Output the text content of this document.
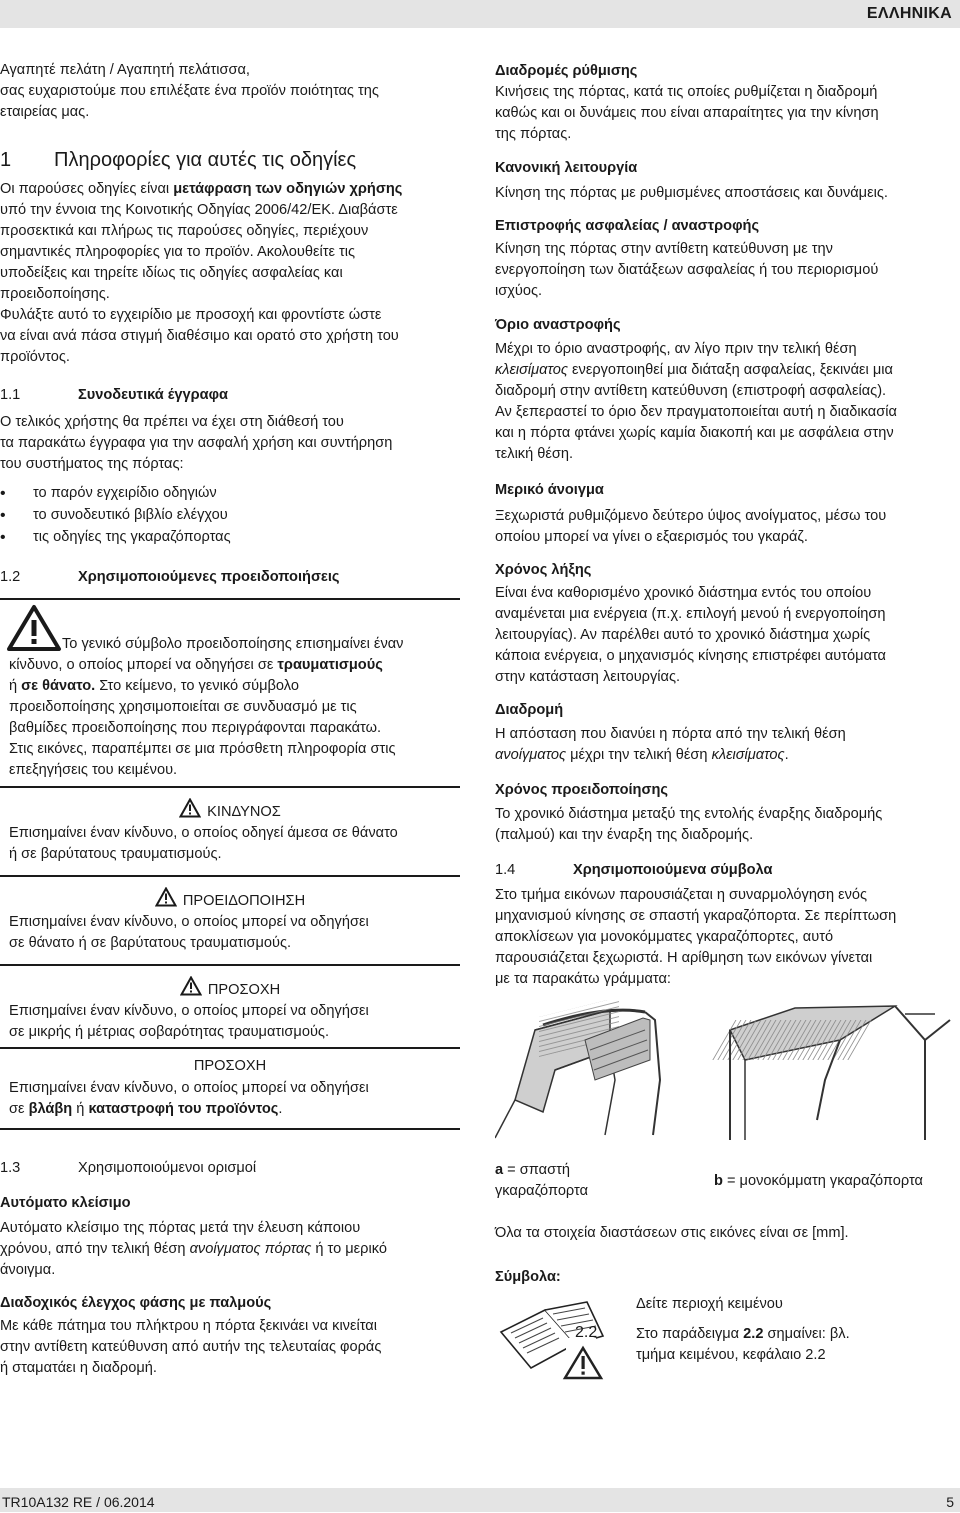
ΕΛΛΗΝΙΚΑ

Αγαπητέ πελάτη / Αγαπητή πελάτισσα,

σας ευχαριστούμε που επιλέξατε ένα προϊόν ποιότητας της

εταιρείας μας.

1 Πληροφορίες για αυτές τις οδηγίες

Οι παρούσες οδηγίες είναι μετάφραση των οδηγιών χρήσης

υπό την έννοια της Κοινοτικής Οδηγίας 2006/42/ΕΚ. Διαβάστε

προσεκτικά και πλήρως τις παρούσες οδηγίες, περιέχουν

σημαντικές πληροφορίες για το προϊόν. Ακολουθείτε τις

υποδείξεις και τηρείτε ιδίως τις οδηγίες ασφαλείας και

προειδοποίησης.

Φυλάξτε αυτό το εγχειρίδιο με προσοχή και φροντίστε ώστε

να είναι ανά πάσα στιγμή διαθέσιμο και ορατό στο χρήστη του

προϊόντος.

1.1	Συνοδευτικά έγγραφα

Ο τελικός χρήστης θα πρέπει να έχει στη διάθεσή του

τα παρακάτω έγγραφα για την ασφαλή χρήση και συντήρηση

του συστήματος της πόρτας:

• το παρόν εγχειρίδιο οδηγιών
• το συνοδευτικό βιβλίο ελέγχου
• τις οδηγίες της γκαραζόπορτας
1.2	Χρησιμοποιούμενες προειδοποιήσεις

Το γενικό σύμβολο προειδοποίησης επισημαίνει έναν

κίνδυνο, ο οποίος μπορεί να οδηγήσει σε τραυματισμούς

ή σε θάνατο. Στο κείμενο, το γενικό σύμβολο

προειδοποίησης χρησιμοποιείται σε συνδυασμό με τις

βαθμίδες προειδοποίησης που περιγράφονται παρακάτω.

Στις εικόνες, παραπέμπει σε μια πρόσθετη πληροφορία στις

επεξηγήσεις του κειμένου.

ΚΙΝΔΥΝΟΣ

Επισημαίνει έναν κίνδυνο, ο οποίος οδηγεί άμεσα σε θάνατο

ή σε βαρύτατους τραυματισμούς.

ΠΡΟΕΙΔΟΠΟΙΗΣΗ

Επισημαίνει έναν κίνδυνο, ο οποίος μπορεί να οδηγήσει

σε θάνατο ή σε βαρύτατους τραυματισμούς.

ΠΡΟΣΟΧΗ

Επισημαίνει έναν κίνδυνο, ο οποίος μπορεί να οδηγήσει

σε μικρής ή μέτριας σοβαρότητας τραυματισμούς.

ΠΡΟΣΟΧΗ

Επισημαίνει έναν κίνδυνο, ο οποίος μπορεί να οδηγήσει

σε βλάβη ή καταστροφή του προϊόντος.

1.3	Χρησιμοποιούμενοι ορισμοί

Αυτόματο κλείσιμο

Αυτόματο κλείσιμο της πόρτας μετά την έλευση κάποιου

χρόνου, από την τελική θέση ανοίγματος πόρτας ή το μερικό

άνοιγμα.

Διαδοχικός έλεγχος φάσης με παλμούς

Με κάθε πάτημα του πλήκτρου η πόρτα ξεκινάει να κινείται

στην αντίθετη κατεύθυνση από αυτήν της τελευταίας φοράς

ή σταματάει η διαδρομή.

Διαδρομές ρύθμισης

Κινήσεις της πόρτας, κατά τις οποίες ρυθμίζεται η διαδρομή

καθώς και οι δυνάμεις που είναι απαραίτητες για την κίνηση

της πόρτας.

Κανονική λειτουργία

Κίνηση της πόρτας με ρυθμισμένες αποστάσεις και δυνάμεις.

Επιστροφής ασφαλείας / αναστροφής

Κίνηση της πόρτας στην αντίθετη κατεύθυνση με την

ενεργοποίηση των διατάξεων ασφαλείας ή του περιορισμού

ισχύος.

Όριο αναστροφής

Μέχρι το όριο αναστροφής, αν λίγο πριν την τελική θέση

κλεισίματος ενεργοποιηθεί μια διάταξη ασφαλείας, ξεκινάει μια

διαδρομή στην αντίθετη κατεύθυνση (επιστροφή ασφαλείας).

Αν ξεπεραστεί το όριο δεν πραγματοποιείται αυτή η διαδικασία

και η πόρτα φτάνει χωρίς καμία διακοπή και με ασφάλεια στην

τελική θέση.

Μερικό άνοιγμα

Ξεχωριστά ρυθμιζόμενο δεύτερο ύψος ανοίγματος, μέσω του

οποίου μπορεί να γίνει ο εξαερισμός του γκαράζ.

Χρόνος λήξης

Είναι ένα καθορισμένο χρονικό διάστημα εντός του οποίου

αναμένεται μια ενέργεια (π.χ. επιλογή μενού ή ενεργοποίηση

λειτουργίας). Αν παρέλθει αυτό το χρονικό διάστημα χωρίς

κάποια ενέργεια, ο μηχανισμός κίνησης επιστρέφει αυτόματα

στην κατάσταση λειτουργίας.

Διαδρομή

Η απόσταση που διανύει η πόρτα από την τελική θέση

ανοίγματος μέχρι την τελική θέση κλεισίματος.

Χρόνος προειδοποίησης

Το χρονικό διάστημα μεταξύ της εντολής έναρξης διαδρομής

(παλμού) και την έναρξη της διαδρομής.

1.4	Χρησιμοποιούμενα σύμβολα

Στο τμήμα εικόνων παρουσιάζεται η συναρμολόγηση ενός

μηχανισμού κίνησης σε σπαστή γκαραζόπορτα. Σε περίπτωση

αποκλίσεων για μονοκόμματες γκαραζόπορτες, αυτό

παρουσιάζεται ξεχωριστά. Η αρίθμηση των εικόνων γίνεται

με τα παρακάτω γράμματα:

a = σπαστή

γκαραζόπορτα

b = μονοκόμματη γκαραζόπορτα

Όλα τα στοιχεία διαστάσεων στις εικόνες είναι σε [mm].

Σύμβολα:

2.2

Δείτε περιοχή κειμένου

Στο παράδειγμα 2.2 σημαίνει: βλ.

τμήμα κειμένου, κεφάλαιο 2.2

TR10A132 RE / 06.2014	5
